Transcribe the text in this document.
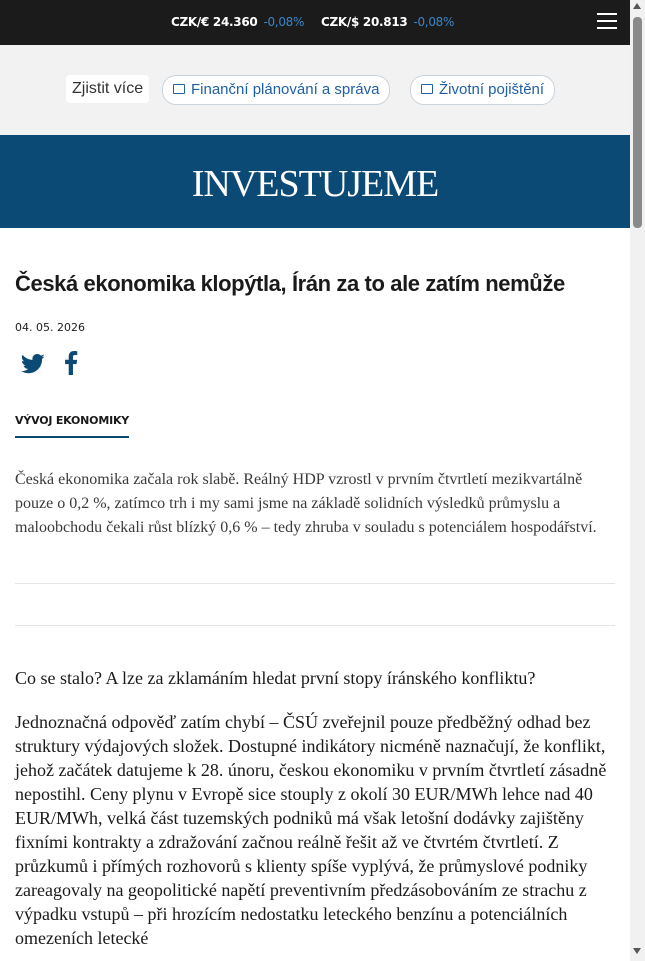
CZK/€ 24.360 -0,08% CZK/$ 20.813 -0,08%
Zjistit více	Finanční plánování a správa	Životní pojištění
INVESTUJEME
Česká ekonomika klopýtla, Írán za to ale zatím nemůže
04. 05. 2026
VÝVOJ EKONOMIKY
Česká ekonomika začala rok slabě. Reálný HDP vzrostl v prvním čtvrtletí mezikvartálně pouze o 0,2 %, zatímco trh i my sami jsme na základě solidních výsledků průmyslu a maloobchodu čekali růst blízký 0,6 % – tedy zhruba v souladu s potenciálem hospodářství.
Co se stalo? A lze za zklamáním hledat první stopy íránského konfliktu?
Jednoznačná odpověď zatím chybí – ČSÚ zveřejnil pouze předběžný odhad bez struktury výdajových složek. Dostupné indikátory nicméně naznačují, že konflikt, jehož začátek datujeme k 28. únoru, českou ekonomiku v prvním čtvrtletí zásadně nepostihl. Ceny plynu v Evropě sice stouply z okolí 30 EUR/MWh lehce nad 40 EUR/MWh, velká část tuzemských podniků má však letošní dodávky zajištěny fixními kontrakty a zdražování začnou reálně řešit až ve čtvrtém čtvrtletí. Z průzkumů i přímých rozhovorů s klienty spíše vyplývá, že průmyslové podniky zareagovaly na geopolitické napětí preventivním předzásobováním ze strachu z výpadku vstupů – při hrozícím nedostatku leteckého benzínu a potenciálních omezeních letecké
